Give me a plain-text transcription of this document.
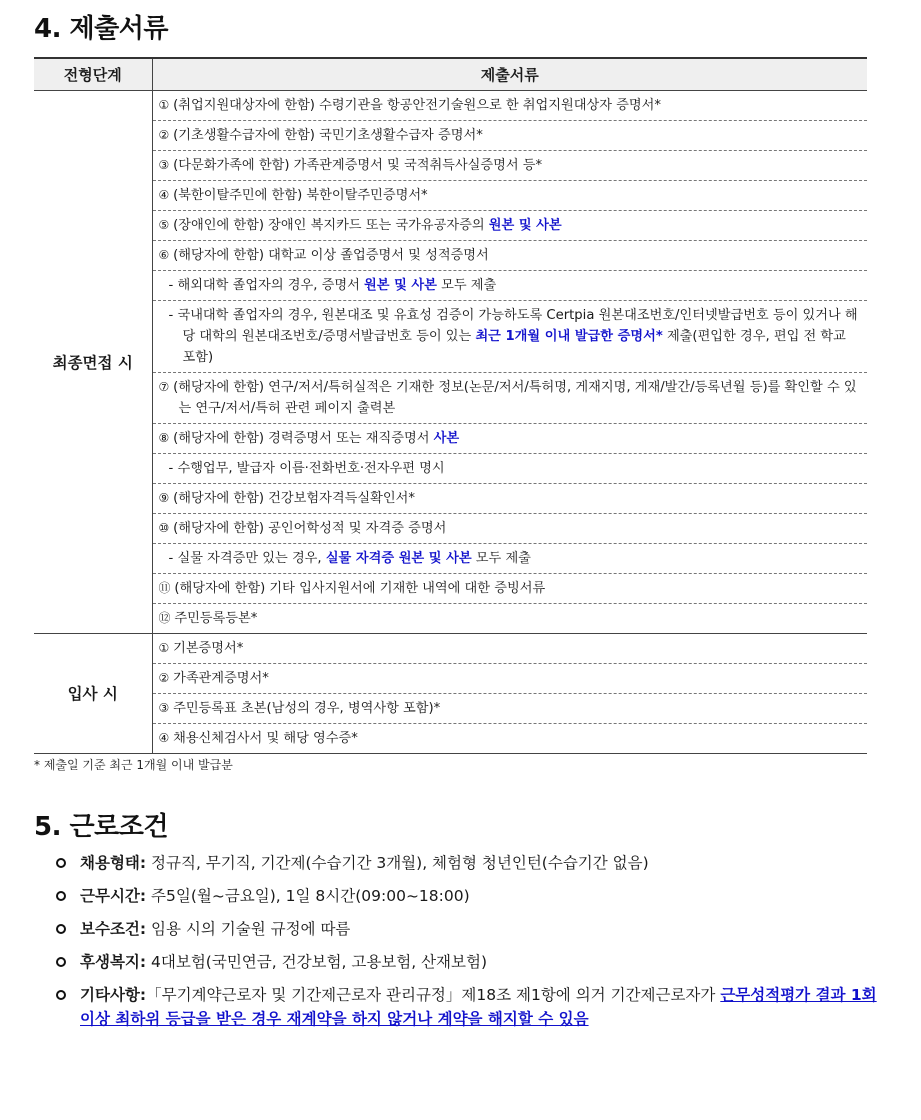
4. 제출서류
전형단계	제출서류
최종면접 시	① (취업지원대상자에 한함) 수령기관을 항공안전기술원으로 한 취업지원대상자 증명서*
	② (기초생활수급자에 한함) 국민기초생활수급자 증명서*
	③ (다문화가족에 한함) 가족관계증명서 및 국적취득사실증명서 등*
	④ (북한이탈주민에 한함) 북한이탈주민증명서*
	⑤ (장애인에 한함) 장애인 복지카드 또는 국가유공자증의 원본 및 사본
	⑥ (해당자에 한함) 대학교 이상 졸업증명서 및 성적증명서
	- 해외대학 졸업자의 경우, 증명서 원본 및 사본 모두 제출
	- 국내대학 졸업자의 경우, 원본대조 및 유효성 검증이 가능하도록 Certpia 원본대조번호/인터넷발급번호 등이 있거나 해당 대학의 원본대조번호/증명서발급번호 등이 있는 최근 1개월 이내 발급한 증명서* 제출(편입한 경우, 편입 전 학교 포함)
	⑦ (해당자에 한함) 연구/저서/특허실적은 기재한 정보(논문/저서/특허명, 게재지명, 게재/발간/등록년월 등)를 확인할 수 있는 연구/저서/특허 관련 페이지 출력본
	⑧ (해당자에 한함) 경력증명서 또는 재직증명서 사본
	- 수행업무, 발급자 이름·전화번호·전자우편 명시
	⑨ (해당자에 한함) 건강보험자격득실확인서*
	⑩ (해당자에 한함) 공인어학성적 및 자격증 증명서
	- 실물 자격증만 있는 경우, 실물 자격증 원본 및 사본 모두 제출
	⑪ (해당자에 한함) 기타 입사지원서에 기재한 내역에 대한 증빙서류
	⑫ 주민등록등본*
입사 시	① 기본증명서*
	② 가족관계증명서*
	③ 주민등록표 초본(남성의 경우, 병역사항 포함)*
	④ 채용신체검사서 및 해당 영수증*
* 제출일 기준 최근 1개월 이내 발급분
5. 근로조건
채용형태: 정규직, 무기직, 기간제(수습기간 3개월), 체험형 청년인턴(수습기간 없음)
근무시간: 주5일(월~금요일), 1일 8시간(09:00~18:00)
보수조건: 임용 시의 기술원 규정에 따름
후생복지: 4대보험(국민연금, 건강보험, 고용보험, 산재보험)
기타사항:「무기계약근로자 및 기간제근로자 관리규정」제18조 제1항에 의거 기간제근로자가 근무성적평가 결과 1회 이상 최하위 등급을 받은 경우 재계약을 하지 않거나 계약을 해지할 수 있음
